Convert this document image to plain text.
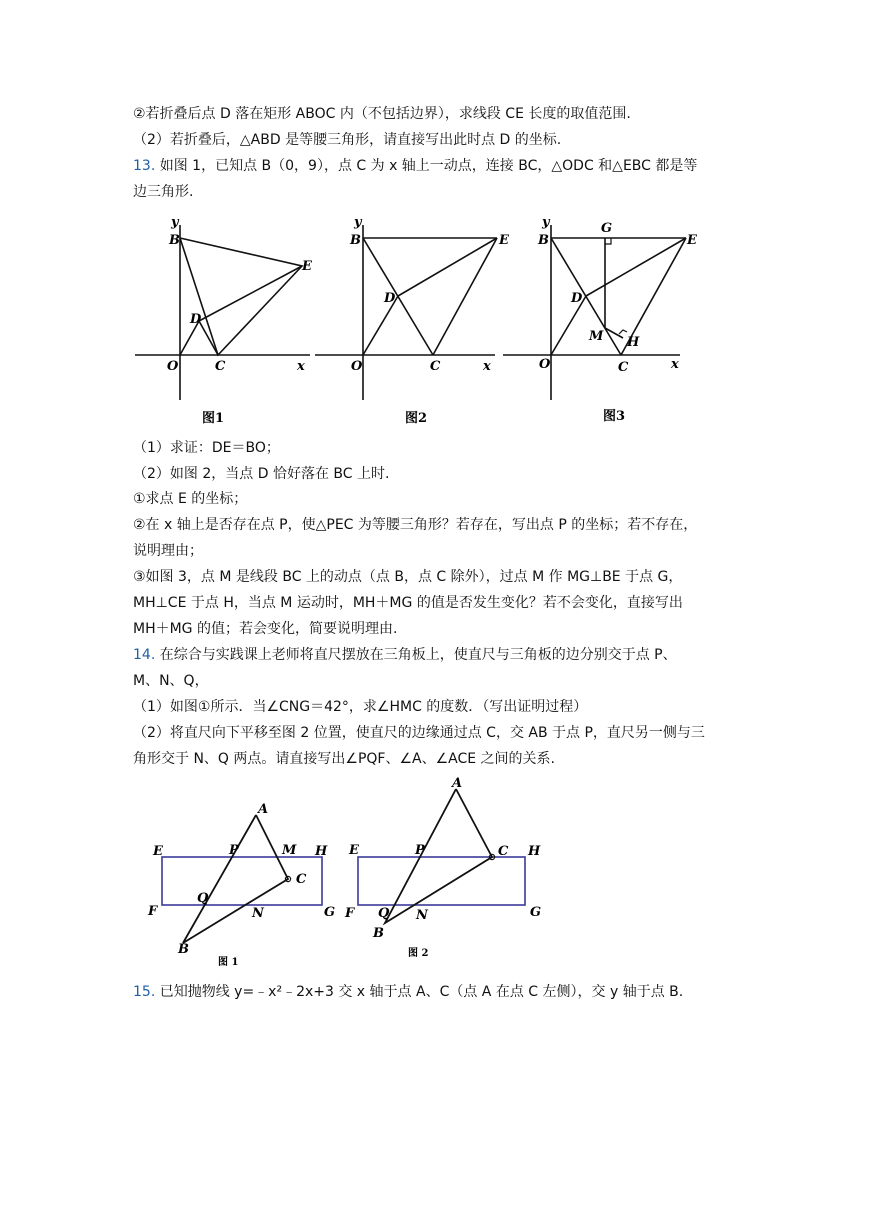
②若折叠后点 D 落在矩形 ABOC 内（不包括边界），求线段 CE 长度的取值范围.
（2）若折叠后，△ABD 是等腰三角形，请直接写出此时点 D 的坐标.
13. 如图 1，已知点 B（0，9），点 C 为 x 轴上一动点，连接 BC，△ODC 和△EBC 都是等
边三角形.
y
B
E
D
O	C	x
图1
y
B	E
D
O	C	x
图2
y
B
G
E
D
M H
O	C	x
图3
（1）求证：DE＝BO；
（2）如图 2，当点 D 恰好落在 BC 上时.
①求点 E 的坐标；
②在 x 轴上是否存在点 P，使△PEC 为等腰三角形？若存在，写出点 P 的坐标；若不存在，
说明理由；
③如图 3，点 M 是线段 BC 上的动点（点 B，点 C 除外），过点 M 作 MG⊥BE 于点 G，
MH⊥CE 于点 H，当点 M 运动时，MH＋MG 的值是否发生变化？若不会变化，直接写出
MH＋MG 的值；若会变化，简要说明理由.
14. 在综合与实践课上老师将直尺摆放在三角板上，使直尺与三角板的边分别交于点 P、
M、N、Q，
（1）如图①所示．当∠CNG＝42°，求∠HMC 的度数．（写出证明过程）
（2）将直尺向下平移至图 2 位置，使直尺的边缘通过点 C，交 AB 于点 P，直尺另一侧与三
角形交于 N、Q 两点。请直接写出∠PQF、∠A、∠ACE 之间的关系.
A
E	P	M H
C
Q
F	N	G
B
图 1
A
E	P	C H
F Q N	G
B
图 2
15. 已知抛物线 y=﹣x²﹣2x+3 交 x 轴于点 A、C（点 A 在点 C 左侧），交 y 轴于点 B.
